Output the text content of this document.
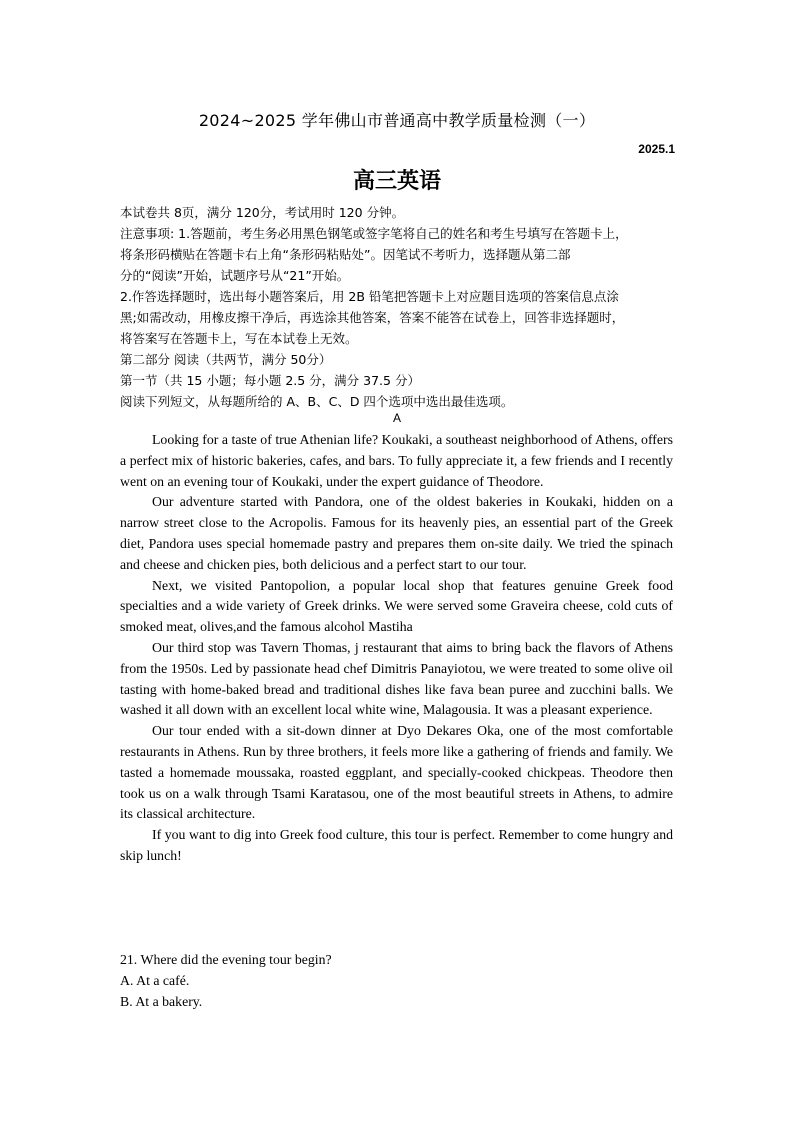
2024~2025 学年佛山市普通高中教学质量检测（一）
2025.1
高三英语
本试卷共 8页，满分 120分，考试用时 120 分钟。
注意事项: 1.答题前，考生务必用黑色钢笔或签字笔将自己的姓名和考生号填写在答题卡上，
将条形码横贴在答题卡右上角“条形码粘贴处”。因笔试不考听力，选择题从第二部
分的“阅读”开始，试题序号从“21”开始。
2.作答选择题时，选出每小题答案后，用 2B 铅笔把答题卡上对应题目选项的答案信息点涂
黑;如需改动，用橡皮擦干净后，再选涂其他答案，答案不能答在试卷上，回答非选择题时，
将答案写在答题卡上，写在本试卷上无效。
第二部分 阅读（共两节，满分 50分）
第一节（共 15 小题；每小题 2.5 分，满分 37.5 分）
阅读下列短文，从每题所给的 A、B、C、D 四个选项中选出最佳选项。
A

Looking for a taste of true Athenian life? Koukaki, a southeast neighborhood of Athens, offers a perfect mix of historic bakeries, cafes, and bars. To fully appreciate it, a few friends and I recently went on an evening tour of Koukaki, under the expert guidance of Theodore.

Our adventure started with Pandora, one of the oldest bakeries in Koukaki, hidden on a narrow street close to the Acropolis. Famous for its heavenly pies, an essential part of the Greek diet, Pandora uses special homemade pastry and prepares them on-site daily. We tried the spinach and cheese and chicken pies, both delicious and a perfect start to our tour.

Next, we visited Pantopolion, a popular local shop that features genuine Greek food specialties and a wide variety of Greek drinks. We were served some Graveira cheese, cold cuts of smoked meat, olives,and the famous alcohol Mastiha

Our third stop was Tavern Thomas, j restaurant that aims to bring back the flavors of Athens from the 1950s. Led by passionate head chef Dimitris Panayiotou, we were treated to some olive oil tasting with home-baked bread and traditional dishes like fava bean puree and zucchini balls. We washed it all down with an excellent local white wine, Malagousia. It was a pleasant experience.

Our tour ended with a sit-down dinner at Dyo Dekares Oka, one of the most comfortable restaurants in Athens. Run by three brothers, it feels more like a gathering of friends and family. We tasted a homemade moussaka, roasted eggplant, and specially-cooked chickpeas. Theodore then took us on a walk through Tsami Karatasou, one of the most beautiful streets in Athens, to admire its classical architecture.

If you want to dig into Greek food culture, this tour is perfect. Remember to come hungry and skip lunch!

21. Where did the evening tour begin?
A. At a café.
B. At a bakery.
